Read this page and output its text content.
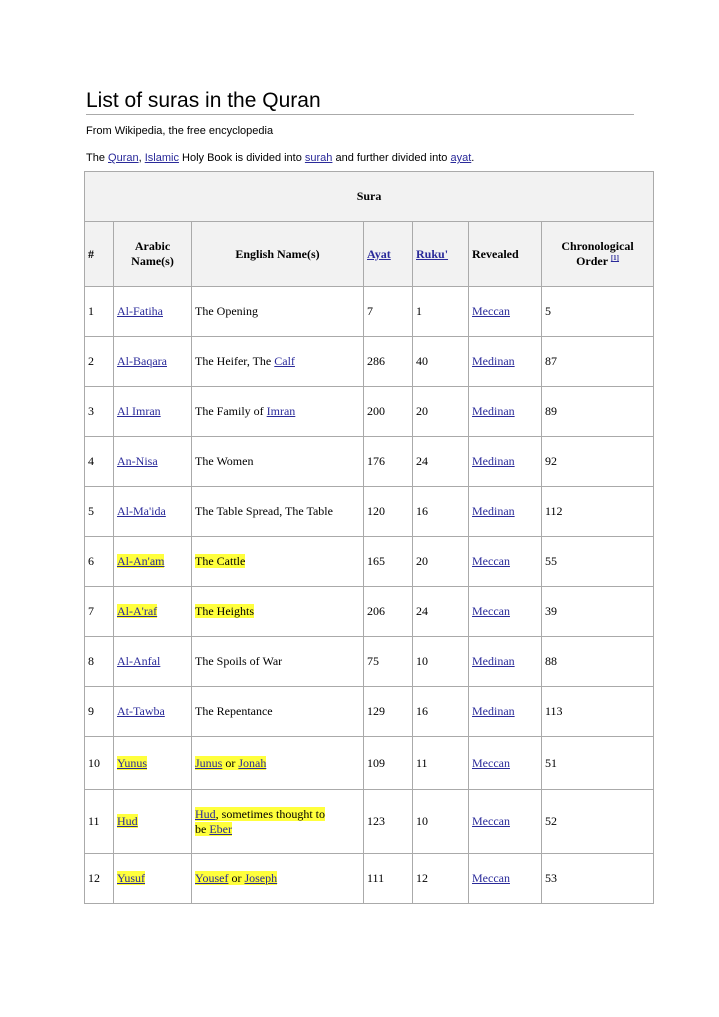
List of suras in the Quran
From Wikipedia, the free encyclopedia
The Quran, Islamic Holy Book is divided into surah and further divided into ayat.
Sura						
#	Arabic Name(s)	English Name(s)	Ayat	Ruku'	Revealed	Chronological Order [1]
1	Al-Fatiha	The Opening	7	1	Meccan	5
2	Al-Baqara	The Heifer, The Calf	286	40	Medinan	87
3	Al Imran	The Family of Imran	200	20	Medinan	89
4	An-Nisa	The Women	176	24	Medinan	92
5	Al-Ma'ida	The Table Spread, The Table	120	16	Medinan	112
6	Al-An'am	The Cattle	165	20	Meccan	55
7	Al-A'raf	The Heights	206	24	Meccan	39
8	Al-Anfal	The Spoils of War	75	10	Medinan	88
9	At-Tawba	The Repentance	129	16	Medinan	113
10	Yunus	Junus or Jonah	109	11	Meccan	51
11	Hud	Hud, sometimes thought to be Eber	123	10	Meccan	52
12	Yusuf	Yousef or Joseph	111	12	Meccan	53
